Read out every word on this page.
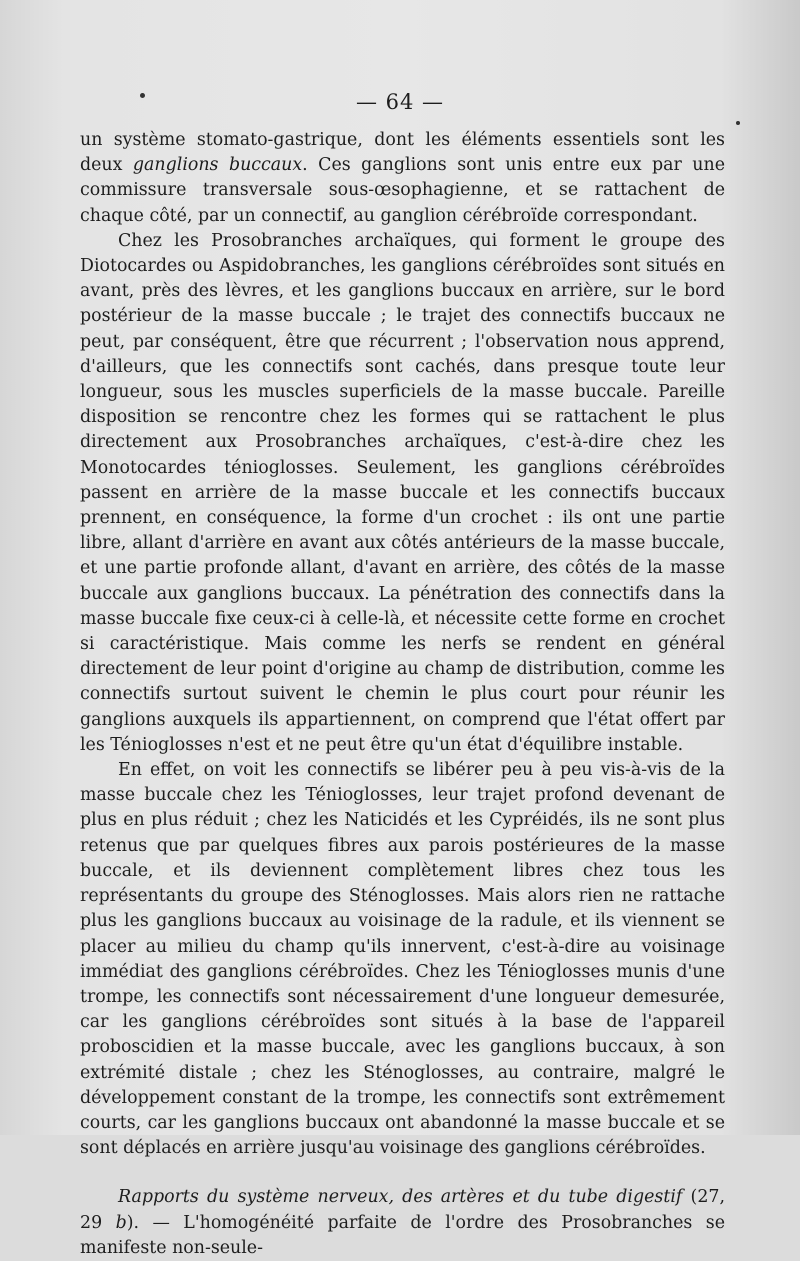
— 64 —

un système stomato-gastrique, dont les éléments essentiels sont les deux ganglions buccaux. Ces ganglions sont unis entre eux par une commissure transversale sous-œsophagienne, et se rattachent de chaque côté, par un connectif, au ganglion cérébroïde correspondant.

Chez les Prosobranches archaïques, qui forment le groupe des Diotocardes ou Aspidobranches, les ganglions cérébroïdes sont situés en avant, près des lèvres, et les ganglions buccaux en arrière, sur le bord postérieur de la masse buccale ; le trajet des connectifs buccaux ne peut, par conséquent, être que récurrent ; l'observation nous apprend, d'ailleurs, que les connectifs sont cachés, dans presque toute leur longueur, sous les muscles superficiels de la masse buccale. Pareille disposition se rencontre chez les formes qui se rattachent le plus directement aux Prosobranches archaïques, c'est-à-dire chez les Monotocardes ténioglosses. Seulement, les ganglions cérébroïdes passent en arrière de la masse buccale et les connectifs buccaux prennent, en conséquence, la forme d'un crochet : ils ont une partie libre, allant d'arrière en avant aux côtés antérieurs de la masse buccale, et une partie profonde allant, d'avant en arrière, des côtés de la masse buccale aux ganglions buccaux. La pénétration des connectifs dans la masse buccale fixe ceux-ci à celle-là, et nécessite cette forme en crochet si caractéristique. Mais comme les nerfs se rendent en général directement de leur point d'origine au champ de distribution, comme les connectifs surtout suivent le chemin le plus court pour réunir les ganglions auxquels ils appartiennent, on comprend que l'état offert par les Ténioglosses n'est et ne peut être qu'un état d'équilibre instable.

En effet, on voit les connectifs se libérer peu à peu vis-à-vis de la masse buccale chez les Ténioglosses, leur trajet profond devenant de plus en plus réduit ; chez les Naticidés et les Cypréidés, ils ne sont plus retenus que par quelques fibres aux parois postérieures de la masse buccale, et ils deviennent complètement libres chez tous les représentants du groupe des Sténoglosses. Mais alors rien ne rattache plus les ganglions buccaux au voisinage de la radule, et ils viennent se placer au milieu du champ qu'ils innervent, c'est-à-dire au voisinage immédiat des ganglions cérébroïdes. Chez les Ténioglosses munis d'une trompe, les connectifs sont nécessairement d'une longueur demesurée, car les ganglions cérébroïdes sont situés à la base de l'appareil proboscidien et la masse buccale, avec les ganglions buccaux, à son extrémité distale ; chez les Sténoglosses, au contraire, malgré le développement constant de la trompe, les connectifs sont extrêmement courts, car les ganglions buccaux ont abandonné la masse buccale et se sont déplacés en arrière jusqu'au voisinage des ganglions cérébroïdes.

Rapports du système nerveux, des artères et du tube digestif (27, 29 b). — L'homogénéité parfaite de l'ordre des Prosobranches se manifeste non-seule-
